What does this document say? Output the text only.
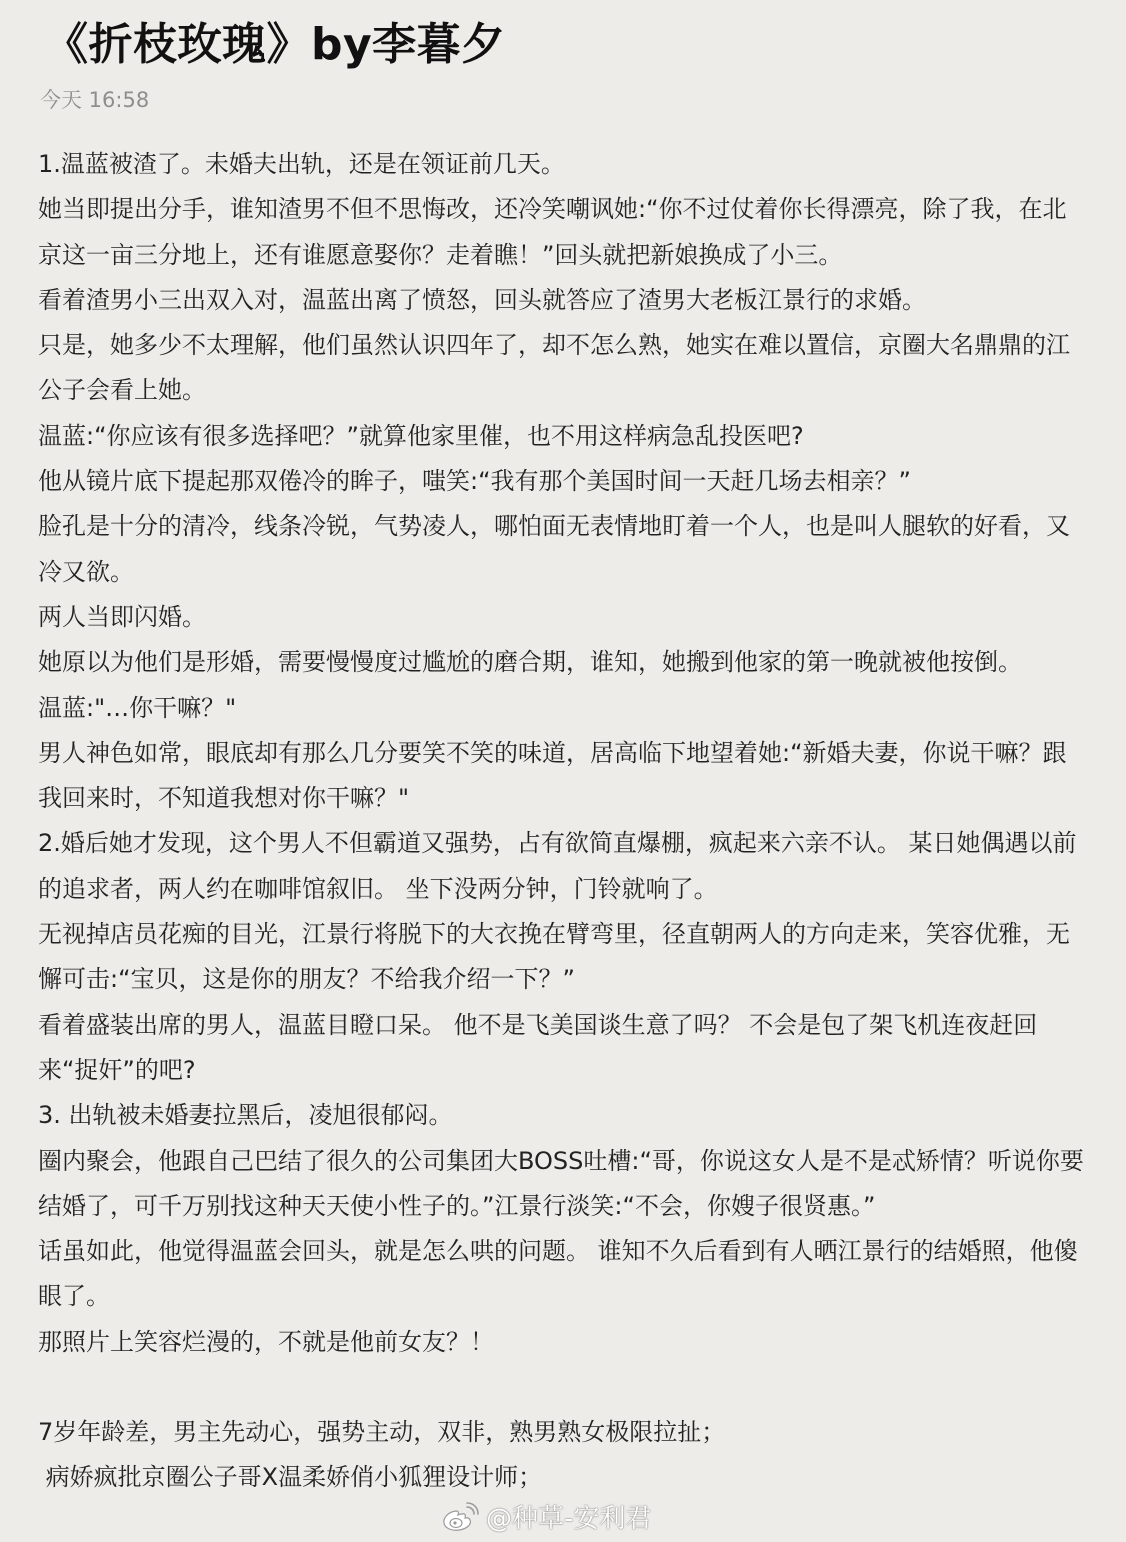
《折枝玫瑰》by李暮夕
今天 16:58

1.温蓝被渣了。未婚夫出轨，还是在领证前几天。

她当即提出分手，谁知渣男不但不思悔改，还冷笑嘲讽她:“你不过仗着你长得漂亮，除了我，在北京这一亩三分地上，还有谁愿意娶你？走着瞧！”回头就把新娘换成了小三。

看着渣男小三出双入对，温蓝出离了愤怒，回头就答应了渣男大老板江景行的求婚。

只是，她多少不太理解，他们虽然认识四年了，却不怎么熟，她实在难以置信，京圈大名鼎鼎的江公子会看上她。

温蓝:“你应该有很多选择吧？”就算他家里催，也不用这样病急乱投医吧?

他从镜片底下提起那双倦冷的眸子，嗤笑:“我有那个美国时间一天赶几场去相亲？”

脸孔是十分的清冷，线条冷锐，气势凌人，哪怕面无表情地盯着一个人，也是叫人腿软的好看，又冷又欲。

两人当即闪婚。

她原以为他们是形婚，需要慢慢度过尴尬的磨合期，谁知，她搬到他家的第一晚就被他按倒。

温蓝:"…你干嘛？"

男人神色如常，眼底却有那么几分要笑不笑的味道，居高临下地望着她:“新婚夫妻，你说干嘛？跟我回来时，不知道我想对你干嘛？"

2.婚后她才发现，这个男人不但霸道又强势，占有欲简直爆棚，疯起来六亲不认。 某日她偶遇以前的追求者，两人约在咖啡馆叙旧。 坐下没两分钟，门铃就响了。

无视掉店员花痴的目光，江景行将脱下的大衣挽在臂弯里，径直朝两人的方向走来，笑容优雅，无懈可击:“宝贝，这是你的朋友？不给我介绍一下？”

看着盛装出席的男人，温蓝目瞪口呆。 他不是飞美国谈生意了吗？ 不会是包了架飞机连夜赶回来“捉奸”的吧?

3. 出轨被未婚妻拉黑后，凌旭很郁闷。

圈内聚会，他跟自己巴结了很久的公司集团大BOSS吐槽:“哥，你说这女人是不是忒矫情？听说你要结婚了，可千万别找这种天天使小性子的。”江景行淡笑:“不会，你嫂子很贤惠。”

话虽如此，他觉得温蓝会回头，就是怎么哄的问题。 谁知不久后看到有人晒江景行的结婚照，他傻眼了。

那照片上笑容烂漫的，不就是他前女友？！

7岁年龄差，男主先动心，强势主动，双非，熟男熟女极限拉扯；

病娇疯批京圈公子哥X温柔娇俏小狐狸设计师；

@种草-安利君
